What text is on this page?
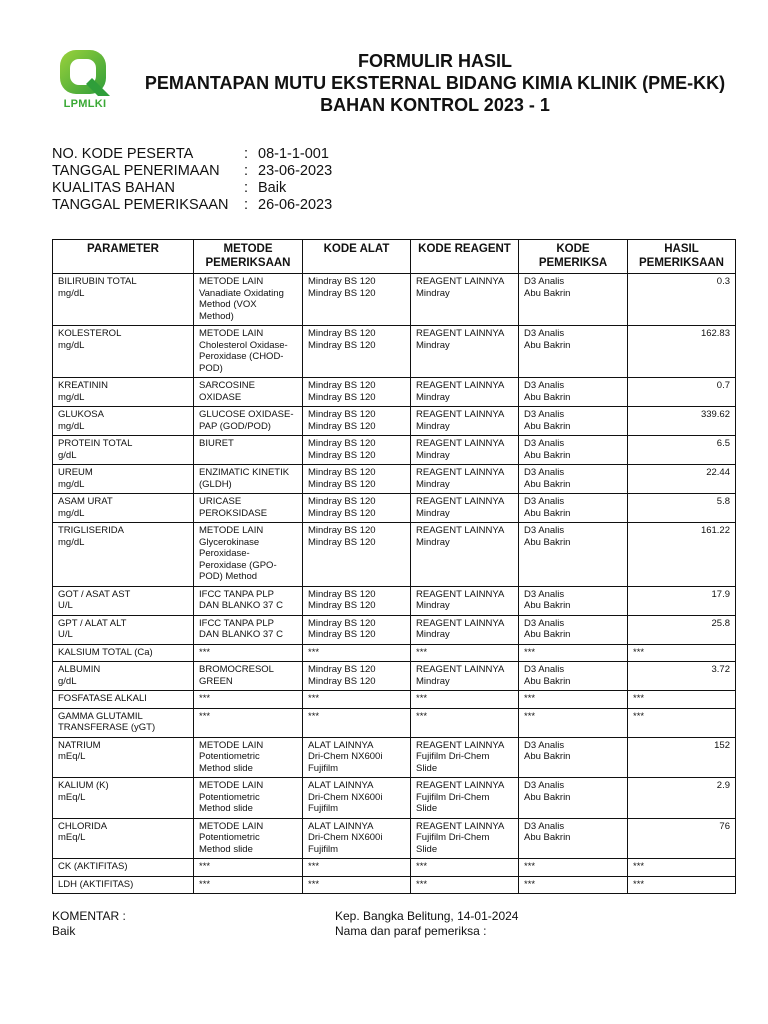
LPMLKI
FORMULIR HASIL
PEMANTAPAN MUTU EKSTERNAL BIDANG KIMIA KLINIK (PME-KK)
BAHAN KONTROL 2023 - 1
NO. KODE PESERTA	: 08-1-1-001
TANGGAL PENERIMAAN	: 23-06-2023
KUALITAS BAHAN	: Baik
TANGGAL PEMERIKSAAN	: 26-06-2023
PARAMETER	METODE PEMERIKSAAN	KODE ALAT	KODE REAGENT	KODE PEMERIKSA	HASIL PEMERIKSAAN

BILIRUBIN TOTAL
mg/dL	METODE LAIN
Vanadiate Oxidating
Method (VOX
Method)	Mindray BS 120
Mindray BS 120	REAGENT LAINNYA
Mindray	D3 Analis
Abu Bakrin	0.3

KOLESTEROL
mg/dL	METODE LAIN
Cholesterol Oxidase-
Peroxidase (CHOD-
POD)	Mindray BS 120
Mindray BS 120	REAGENT LAINNYA
Mindray	D3 Analis
Abu Bakrin	162.83

KREATININ
mg/dL	SARCOSINE
OXIDASE	Mindray BS 120
Mindray BS 120	REAGENT LAINNYA
Mindray	D3 Analis
Abu Bakrin	0.7

GLUKOSA
mg/dL	GLUCOSE OXIDASE-
PAP (GOD/POD)	Mindray BS 120
Mindray BS 120	REAGENT LAINNYA
Mindray	D3 Analis
Abu Bakrin	339.62

PROTEIN TOTAL
g/dL	BIURET	Mindray BS 120
Mindray BS 120	REAGENT LAINNYA
Mindray	D3 Analis
Abu Bakrin	6.5

UREUM
mg/dL	ENZIMATIC KINETIK
(GLDH)	Mindray BS 120
Mindray BS 120	REAGENT LAINNYA
Mindray	D3 Analis
Abu Bakrin	22.44

ASAM URAT
mg/dL	URICASE
PEROKSIDASE	Mindray BS 120
Mindray BS 120	REAGENT LAINNYA
Mindray	D3 Analis
Abu Bakrin	5.8

TRIGLISERIDA
mg/dL	METODE LAIN
Glycerokinase
Peroxidase-
Peroxidase (GPO-
POD) Method	Mindray BS 120
Mindray BS 120	REAGENT LAINNYA
Mindray	D3 Analis
Abu Bakrin	161.22

GOT / ASAT AST
U/L	IFCC TANPA PLP
DAN BLANKO 37 C	Mindray BS 120
Mindray BS 120	REAGENT LAINNYA
Mindray	D3 Analis
Abu Bakrin	17.9

GPT / ALAT ALT
U/L	IFCC TANPA PLP
DAN BLANKO 37 C	Mindray BS 120
Mindray BS 120	REAGENT LAINNYA
Mindray	D3 Analis
Abu Bakrin	25.8

KALSIUM TOTAL (Ca)	***	***	***	***	***

ALBUMIN
g/dL	BROMOCRESOL
GREEN	Mindray BS 120
Mindray BS 120	REAGENT LAINNYA
Mindray	D3 Analis
Abu Bakrin	3.72

FOSFATASE ALKALI	***	***	***	***	***

GAMMA GLUTAMIL
TRANSFERASE (yGT)	***	***	***	***	***

NATRIUM
mEq/L	METODE LAIN
Potentiometric
Method slide	ALAT LAINNYA
Dri-Chem NX600i
Fujifilm	REAGENT LAINNYA
Fujifilm Dri-Chem
Slide	D3 Analis
Abu Bakrin	152

KALIUM (K)
mEq/L	METODE LAIN
Potentiometric
Method slide	ALAT LAINNYA
Dri-Chem NX600i
Fujifilm	REAGENT LAINNYA
Fujifilm Dri-Chem
Slide	D3 Analis
Abu Bakrin	2.9

CHLORIDA
mEq/L	METODE LAIN
Potentiometric
Method slide	ALAT LAINNYA
Dri-Chem NX600i
Fujifilm	REAGENT LAINNYA
Fujifilm Dri-Chem
Slide	D3 Analis
Abu Bakrin	76

CK (AKTIFITAS)	***	***	***	***	***

LDH (AKTIFITAS)	***	***	***	***	***
KOMENTAR :
Baik
Kep. Bangka Belitung, 14-01-2024
Nama dan paraf pemeriksa :
